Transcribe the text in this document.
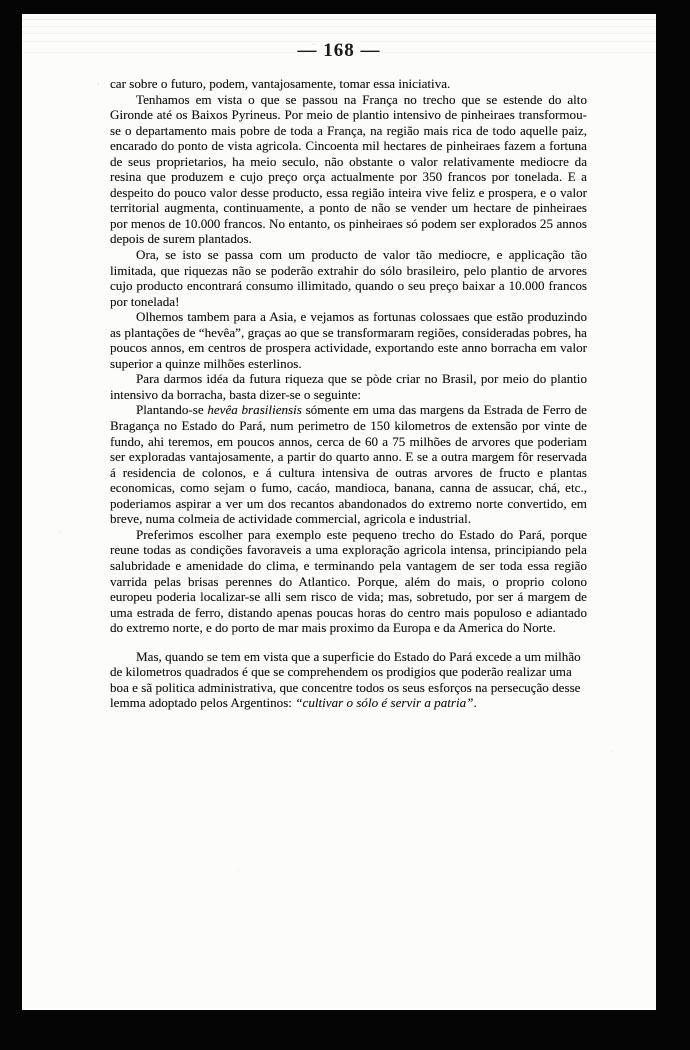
— 168 —

car sobre o futuro, podem, vantajosamente, tomar essa iniciativa.

Tenhamos em vista o que se passou na França no trecho que se estende do alto Gironde até os Baixos Pyrineus. Por meio de plantio intensivo de pinheiraes transformou-se o departamento mais pobre de toda a França, na região mais rica de todo aquelle paiz, encarado do ponto de vista agricola. Cincoenta mil hectares de pinheiraes fazem a fortuna de seus proprietarios, ha meio seculo, não obstante o valor relativamente mediocre da resina que produzem e cujo preço orça actualmente por 350 francos por tonelada. E a despeito do pouco valor desse producto, essa região inteira vive feliz e prospera, e o valor territorial augmenta, continuamente, a ponto de não se vender um hectare de pinheiraes por menos de 10.000 francos. No entanto, os pinheiraes só podem ser explorados 25 annos depois de surem plantados.

Ora, se isto se passa com um producto de valor tão mediocre, e applicação tão limitada, que riquezas não se poderão extrahir do sólo brasileiro, pelo plantio de arvores cujo producto encontrará consumo illimitado, quando o seu preço baixar a 10.000 francos por tonelada!

Olhemos tambem para a Asia, e vejamos as fortunas colossaes que estão produzindo as plantações de “hevêa”, graças ao que se transformaram regiões, consideradas pobres, ha poucos annos, em centros de prospera actividade, exportando este anno borracha em valor superior a quinze milhões esterlinos.

Para darmos idéa da futura riqueza que se pòde criar no Brasil, por meio do plantio intensivo da borracha, basta dizer-se o seguinte:

Plantando-se hevêa brasiliensis sómente em uma das margens da Estrada de Ferro de Bragança no Estado do Pará, num perimetro de 150 kilometros de extensão por vinte de fundo, ahi teremos, em poucos annos, cerca de 60 a 75 milhões de arvores que poderiam ser exploradas vantajosamente, a partir do quarto anno. E se a outra margem fôr reservada á residencia de colonos, e á cultura intensiva de outras arvores de fructo e plantas economicas, como sejam o fumo, cacáo, mandioca, banana, canna de assucar, chá, etc., poderiamos aspirar a ver um dos recantos abandonados do extremo norte convertido, em breve, numa colmeia de actividade commercial, agricola e industrial.

Preferimos escolher para exemplo este pequeno trecho do Estado do Pará, porque reune todas as condições favoraveis a uma exploração agricola intensa, principiando pela salubridade e amenidade do clima, e terminando pela vantagem de ser toda essa região varrida pelas brisas perennes do Atlantico. Porque, além do mais, o proprio colono europeu poderia localizar-se alli sem risco de vida; mas, sobretudo, por ser á margem de uma estrada de ferro, distando apenas poucas horas do centro mais populoso e adiantado do extremo norte, e do porto de mar mais proximo da Europa e da America do Norte.

Mas, quando se tem em vista que a superficie do Estado do Pará excede a um milhão de kilometros quadrados é que se comprehendem os prodigios que poderão realizar uma boa e sã politica administrativa, que concentre todos os seus esforços na persecução desse lemma adoptado pelos Argentinos: “cultivar o sólo é servir a patria”.
